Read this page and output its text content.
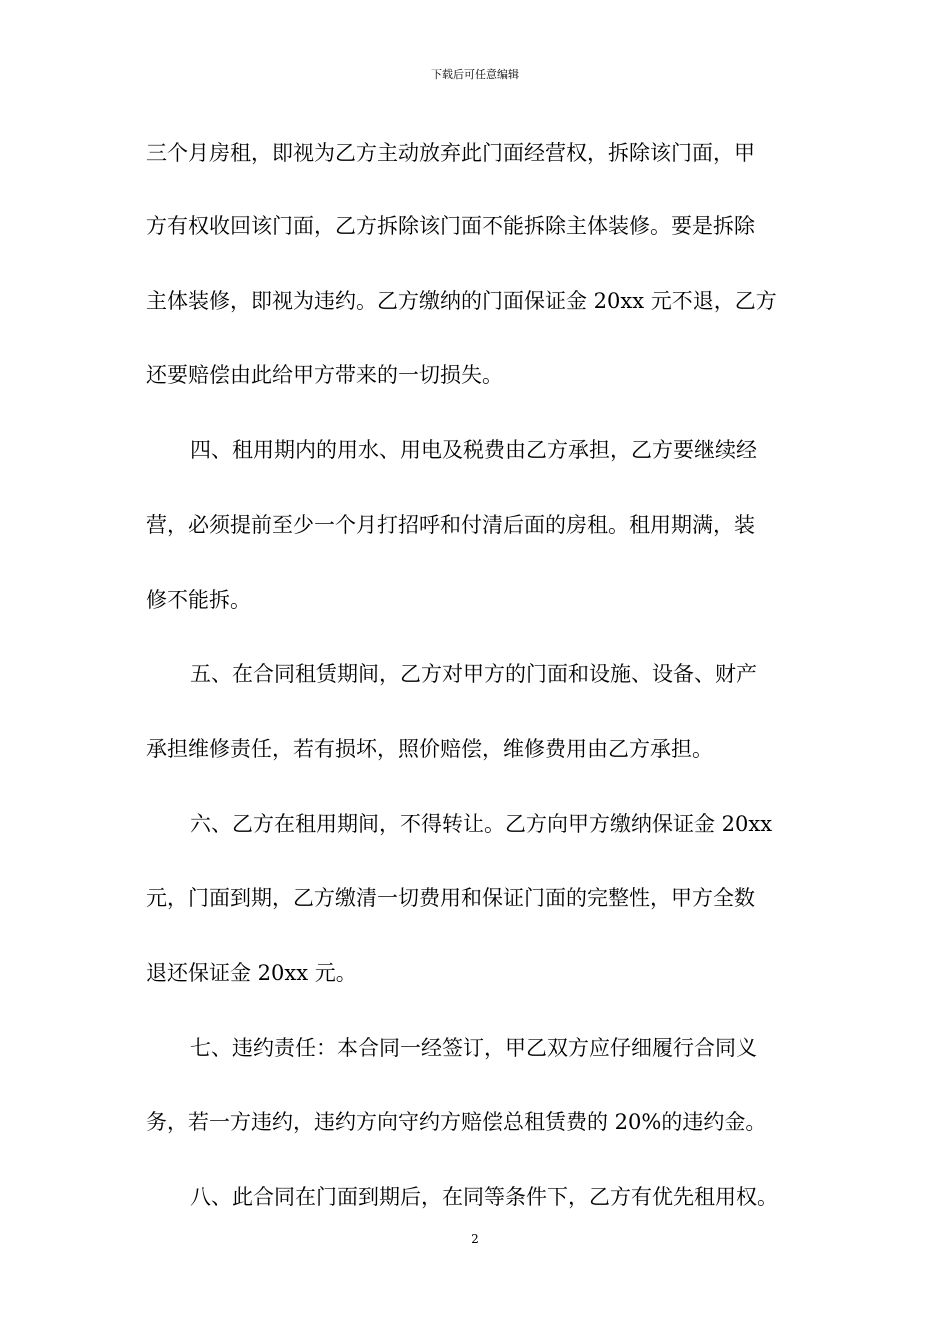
下载后可任意编辑
三个月房租，即视为乙方主动放弃此门面经营权，拆除该门面，甲
方有权收回该门面，乙方拆除该门面不能拆除主体装修。要是拆除
主体装修，即视为违约。乙方缴纳的门面保证金 20xx 元不退，乙方
还要赔偿由此给甲方带来的一切损失。
四、租用期内的用水、用电及税费由乙方承担，乙方要继续经
营，必须提前至少一个月打招呼和付清后面的房租。租用期满，装
修不能拆。
五、在合同租赁期间，乙方对甲方的门面和设施、设备、财产
承担维修责任，若有损坏，照价赔偿，维修费用由乙方承担。
六、乙方在租用期间，不得转让。乙方向甲方缴纳保证金 20xx
元，门面到期，乙方缴清一切费用和保证门面的完整性，甲方全数
退还保证金 20xx 元。
七、违约责任：本合同一经签订，甲乙双方应仔细履行合同义
务，若一方违约，违约方向守约方赔偿总租赁费的 20%的违约金。
八、此合同在门面到期后，在同等条件下，乙方有优先租用权。
2
